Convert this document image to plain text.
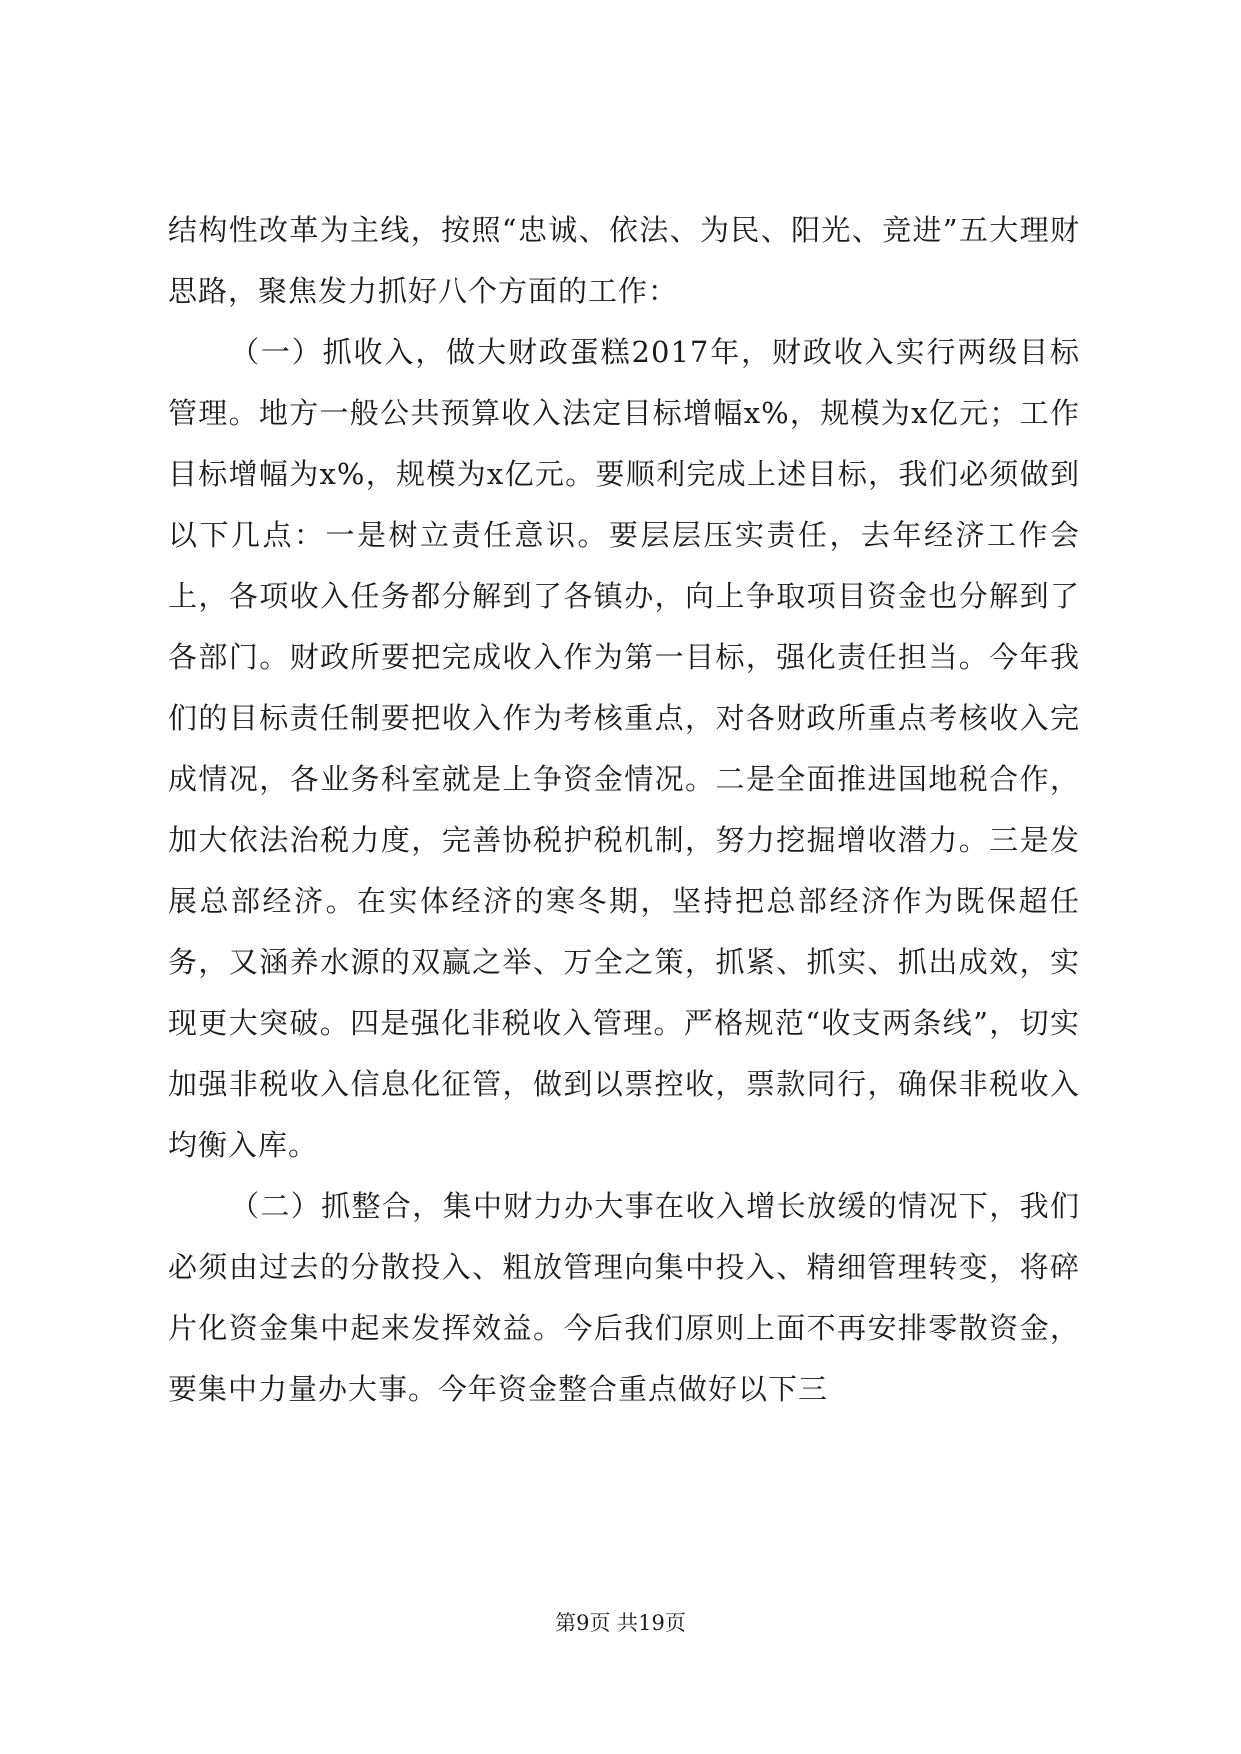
结构性改革为主线，按照“忠诚、依法、为民、阳光、竞进”五大理财思路，聚焦发力抓好八个方面的工作：

（一）抓收入，做大财政蛋糕2017年，财政收入实行两级目标管理。地方一般公共预算收入法定目标增幅x%，规模为x亿元；工作目标增幅为x%，规模为x亿元。要顺利完成上述目标，我们必须做到以下几点：一是树立责任意识。要层层压实责任，去年经济工作会上，各项收入任务都分解到了各镇办，向上争取项目资金也分解到了各部门。财政所要把完成收入作为第一目标，强化责任担当。今年我们的目标责任制要把收入作为考核重点，对各财政所重点考核收入完成情况，各业务科室就是上争资金情况。二是全面推进国地税合作，加大依法治税力度，完善协税护税机制，努力挖掘增收潜力。三是发展总部经济。在实体经济的寒冬期，坚持把总部经济作为既保超任务，又涵养水源的双赢之举、万全之策，抓紧、抓实、抓出成效，实现更大突破。四是强化非税收入管理。严格规范“收支两条线”，切实加强非税收入信息化征管，做到以票控收，票款同行，确保非税收入均衡入库。

（二）抓整合，集中财力办大事在收入增长放缓的情况下，我们必须由过去的分散投入、粗放管理向集中投入、精细管理转变，将碎片化资金集中起来发挥效益。今后我们原则上面不再安排零散资金，要集中力量办大事。今年资金整合重点做好以下三

第9页 共19页
